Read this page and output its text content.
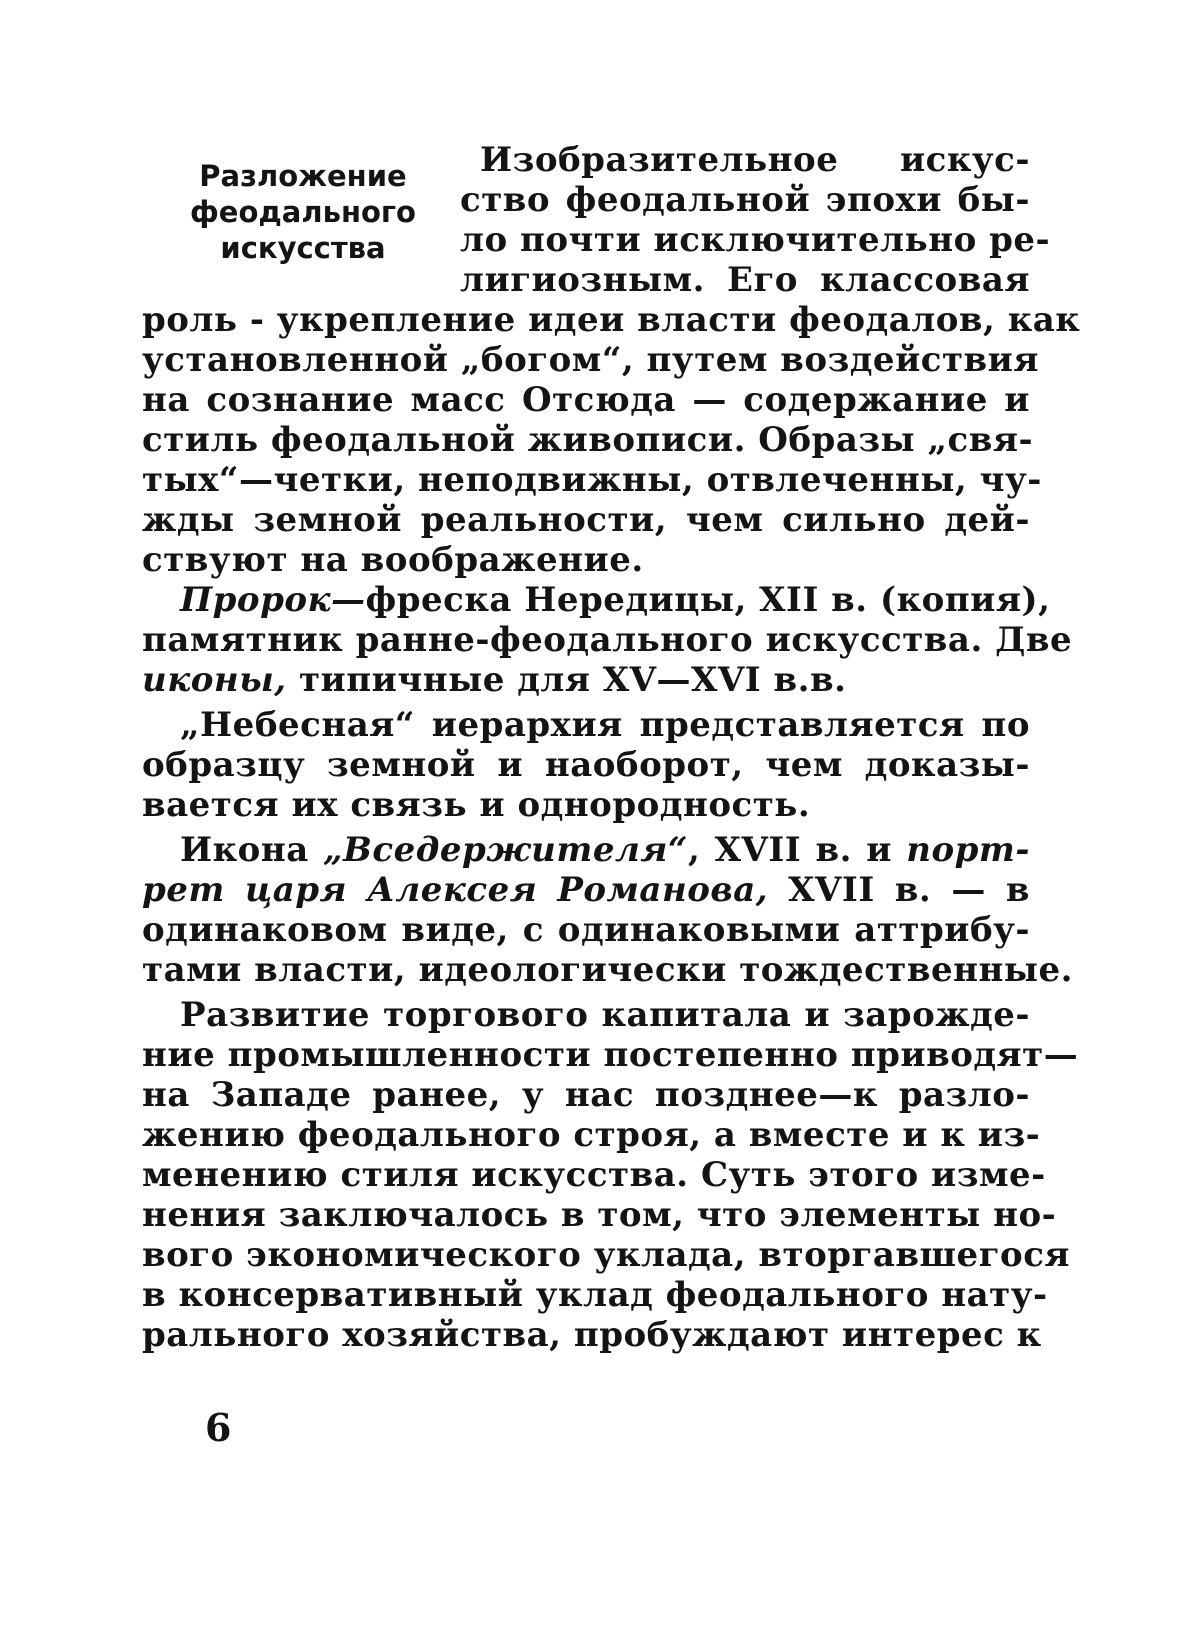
Разложение
феодального
искусства
Изобразительное искус-
ство феодальной эпохи бы-
ло почти исключительно ре-
лигиозным. Его классовая
роль - укрепление идеи власти феодалов, как
установленной „богом“, путем воздействия
на сознание масс Отсюда — содержание и
стиль феодальной живописи. Образы „свя-
тых“—четки, неподвижны, отвлеченны, чу-
жды земной реальности, чем сильно дей-
ствуют на воображение.
Пророк—фреска Нередицы, XII в. (копия),
памятник ранне-феодального искусства. Две
иконы, типичные для XV—XVI в.в.
„Небесная“ иерархия представляется по
образцу земной и наоборот, чем доказы-
вается их связь и однородность.
Икона „Вседержителя“, XVII в. и порт-
рет царя Алексея Романова, XVII в. — в
одинаковом виде, с одинаковыми аттрибу-
тами власти, идеологически тождественные.
Развитие торгового капитала и зарожде-
ние промышленности постепенно приводят—
на Западе ранее, у нас позднее—к разло-
жению феодального строя, а вместе и к из-
менению стиля искусства. Суть этого изме-
нения заключалось в том, что элементы но-
вого экономического уклада, вторгавшегося
в консервативный уклад феодального нату-
рального хозяйства, пробуждают интерес к
6
